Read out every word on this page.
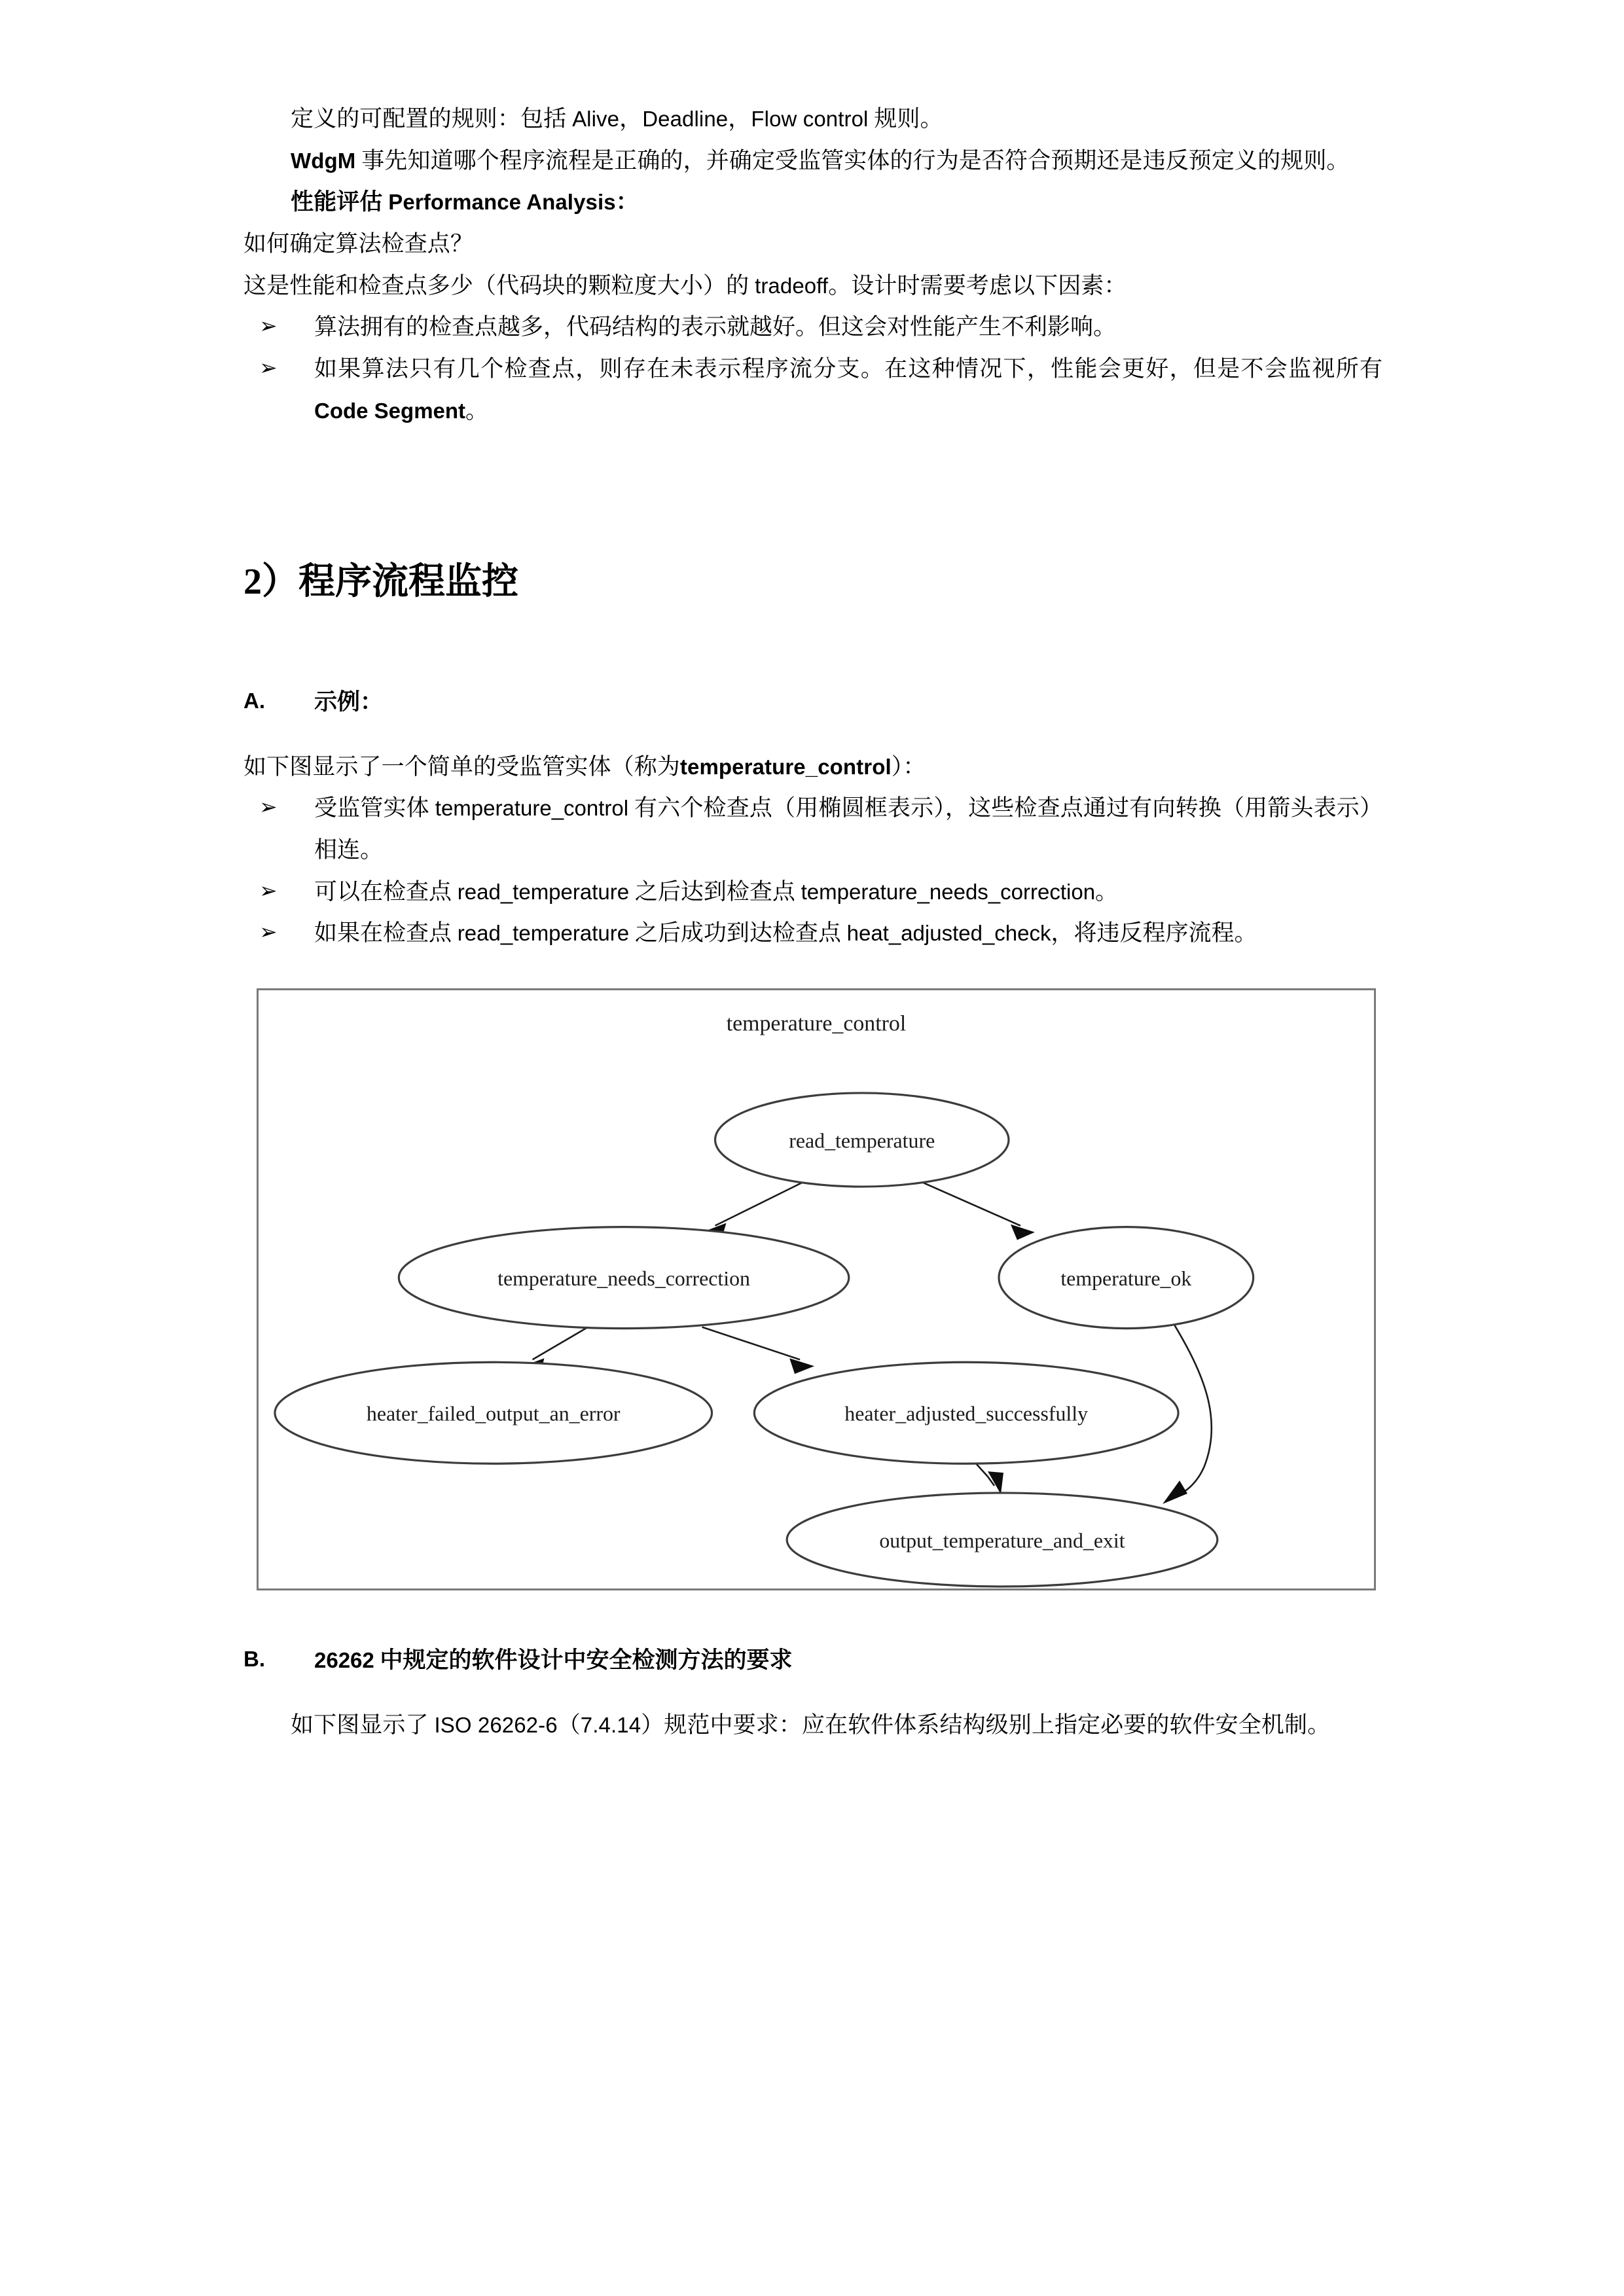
定义的可配置的规则：包括 Alive，Deadline，Flow control 规则。

WdgM 事先知道哪个程序流程是正确的，并确定受监管实体的行为是否符合预期还是违反预定义的规则。

性能评估 Performance Analysis：

如何确定算法检查点？

这是性能和检查点多少（代码块的颗粒度大小）的 tradeoff。设计时需要考虑以下因素：

➢ 算法拥有的检查点越多，代码结构的表示就越好。但这会对性能产生不利影响。
➢ 如果算法只有几个检查点，则存在未表示程序流分支。在这种情况下，性能会更好，但是不会监视所有 Code Segment。
2）程序流程监控

A. 示例：

如下图显示了一个简单的受监管实体（称为temperature_control）：

➢ 受监管实体 temperature_control 有六个检查点（用椭圆框表示），这些检查点通过有向转换（用箭头表示）相连。
➢ 可以在检查点 read_temperature 之后达到检查点 temperature_needs_correction。
➢ 如果在检查点 read_temperature 之后成功到达检查点 heat_adjusted_check，将违反程序流程。
temperature_control
read_temperature
temperature_needs_correction	temperature_ok
heater_failed_output_an_error	heater_adjusted_successfully
output_temperature_and_exit

B. 26262 中规定的软件设计中安全检测方法的要求

如下图显示了 ISO 26262-6（7.4.14）规范中要求：应在软件体系结构级别上指定必要的软件安全机制。
